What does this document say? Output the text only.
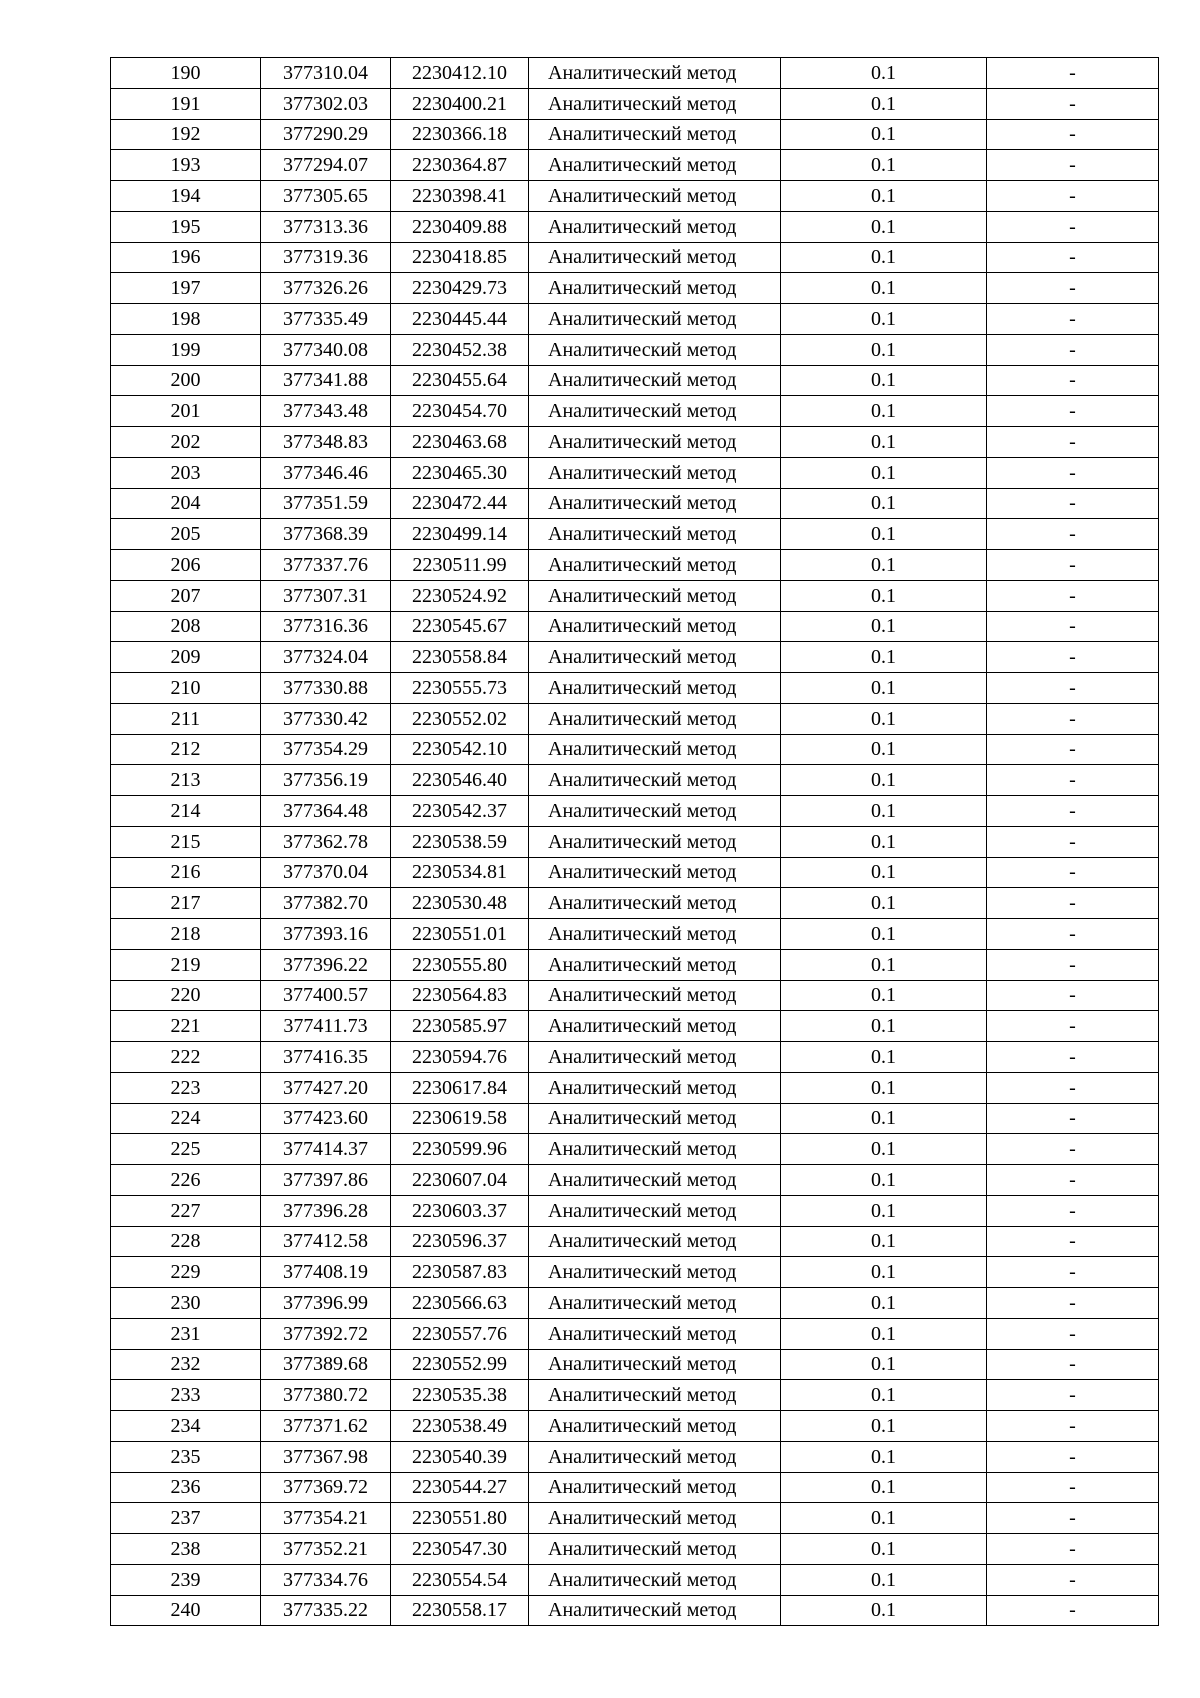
190	377310.04	2230412.10	Аналитический метод	0.1	-
191	377302.03	2230400.21	Аналитический метод	0.1	-
192	377290.29	2230366.18	Аналитический метод	0.1	-
193	377294.07	2230364.87	Аналитический метод	0.1	-
194	377305.65	2230398.41	Аналитический метод	0.1	-
195	377313.36	2230409.88	Аналитический метод	0.1	-
196	377319.36	2230418.85	Аналитический метод	0.1	-
197	377326.26	2230429.73	Аналитический метод	0.1	-
198	377335.49	2230445.44	Аналитический метод	0.1	-
199	377340.08	2230452.38	Аналитический метод	0.1	-
200	377341.88	2230455.64	Аналитический метод	0.1	-
201	377343.48	2230454.70	Аналитический метод	0.1	-
202	377348.83	2230463.68	Аналитический метод	0.1	-
203	377346.46	2230465.30	Аналитический метод	0.1	-
204	377351.59	2230472.44	Аналитический метод	0.1	-
205	377368.39	2230499.14	Аналитический метод	0.1	-
206	377337.76	2230511.99	Аналитический метод	0.1	-
207	377307.31	2230524.92	Аналитический метод	0.1	-
208	377316.36	2230545.67	Аналитический метод	0.1	-
209	377324.04	2230558.84	Аналитический метод	0.1	-
210	377330.88	2230555.73	Аналитический метод	0.1	-
211	377330.42	2230552.02	Аналитический метод	0.1	-
212	377354.29	2230542.10	Аналитический метод	0.1	-
213	377356.19	2230546.40	Аналитический метод	0.1	-
214	377364.48	2230542.37	Аналитический метод	0.1	-
215	377362.78	2230538.59	Аналитический метод	0.1	-
216	377370.04	2230534.81	Аналитический метод	0.1	-
217	377382.70	2230530.48	Аналитический метод	0.1	-
218	377393.16	2230551.01	Аналитический метод	0.1	-
219	377396.22	2230555.80	Аналитический метод	0.1	-
220	377400.57	2230564.83	Аналитический метод	0.1	-
221	377411.73	2230585.97	Аналитический метод	0.1	-
222	377416.35	2230594.76	Аналитический метод	0.1	-
223	377427.20	2230617.84	Аналитический метод	0.1	-
224	377423.60	2230619.58	Аналитический метод	0.1	-
225	377414.37	2230599.96	Аналитический метод	0.1	-
226	377397.86	2230607.04	Аналитический метод	0.1	-
227	377396.28	2230603.37	Аналитический метод	0.1	-
228	377412.58	2230596.37	Аналитический метод	0.1	-
229	377408.19	2230587.83	Аналитический метод	0.1	-
230	377396.99	2230566.63	Аналитический метод	0.1	-
231	377392.72	2230557.76	Аналитический метод	0.1	-
232	377389.68	2230552.99	Аналитический метод	0.1	-
233	377380.72	2230535.38	Аналитический метод	0.1	-
234	377371.62	2230538.49	Аналитический метод	0.1	-
235	377367.98	2230540.39	Аналитический метод	0.1	-
236	377369.72	2230544.27	Аналитический метод	0.1	-
237	377354.21	2230551.80	Аналитический метод	0.1	-
238	377352.21	2230547.30	Аналитический метод	0.1	-
239	377334.76	2230554.54	Аналитический метод	0.1	-
240	377335.22	2230558.17	Аналитический метод	0.1	-
